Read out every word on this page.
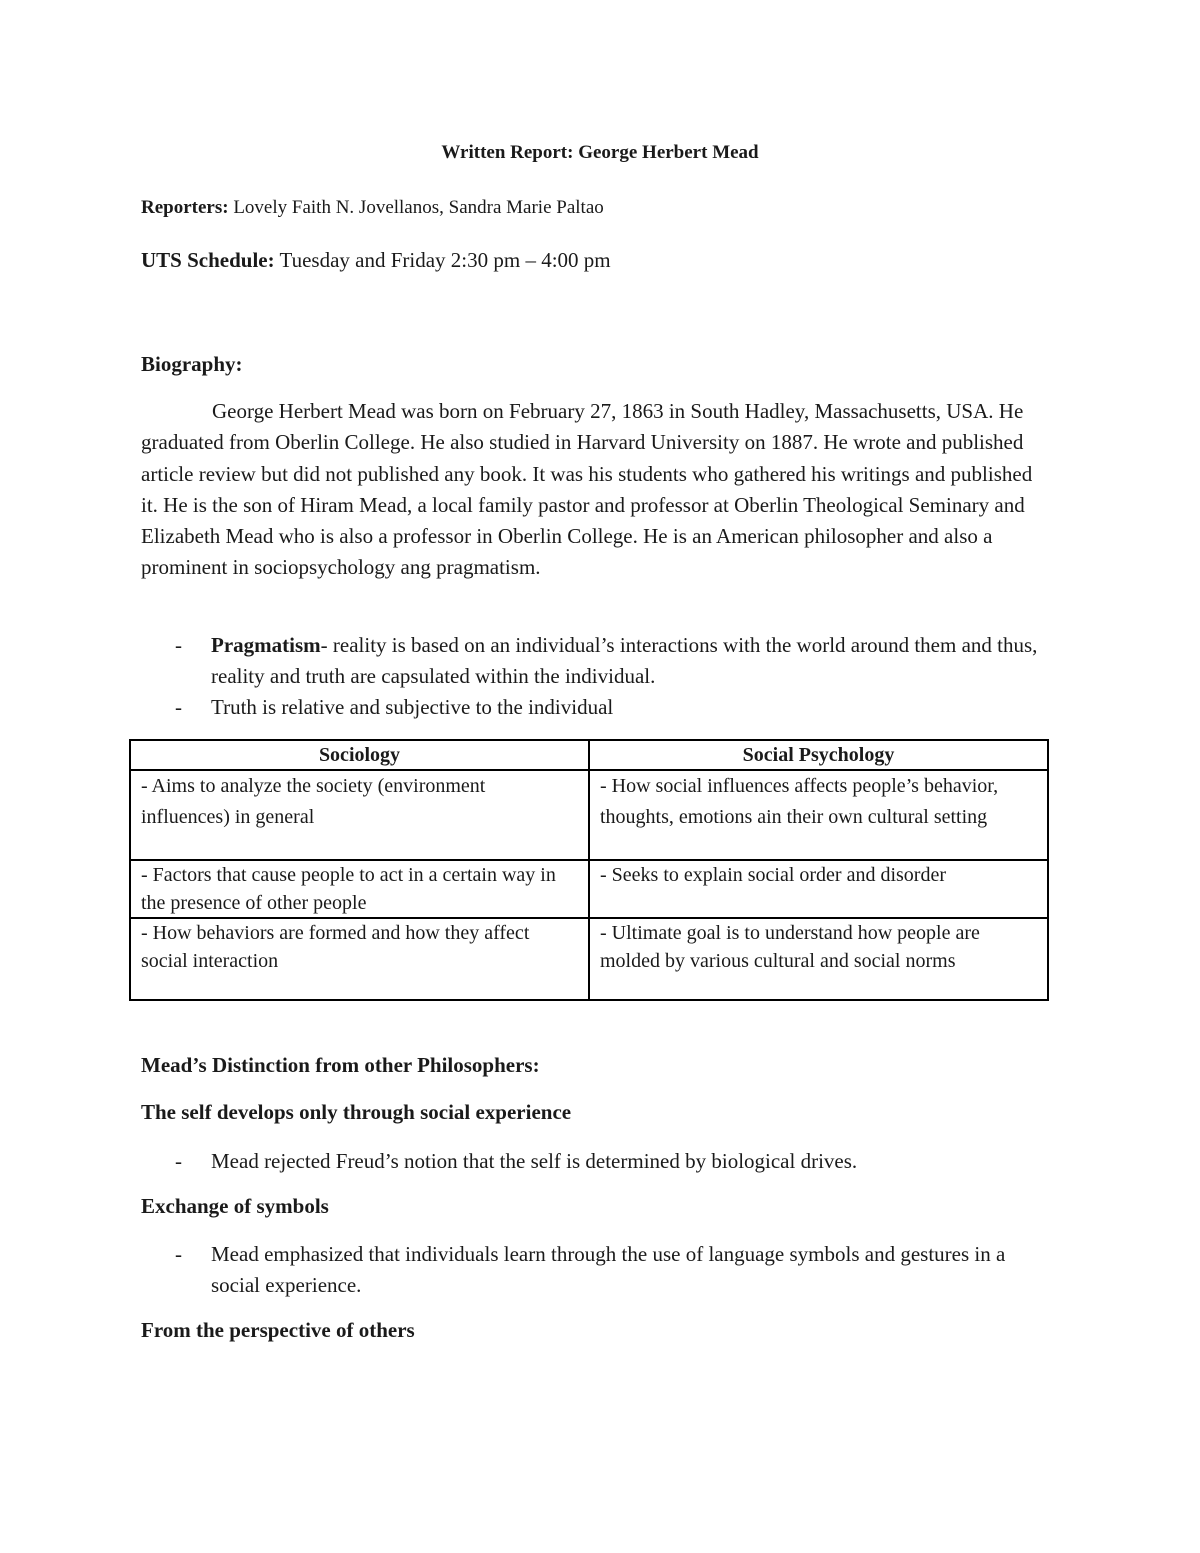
Written Report: George Herbert Mead
Reporters: Lovely Faith N. Jovellanos, Sandra Marie Paltao
UTS Schedule: Tuesday and Friday 2:30 pm – 4:00 pm
Biography:

George Herbert Mead was born on February 27, 1863 in South Hadley, Massachusetts, USA. He graduated from Oberlin College. He also studied in Harvard University on 1887. He wrote and published article review but did not published any book. It was his students who gathered his writings and published it. He is the son of Hiram Mead, a local family pastor and professor at Oberlin Theological Seminary and Elizabeth Mead who is also a professor in Oberlin College. He is an American philosopher and also a prominent in sociopsychology ang pragmatism.

- Pragmatism- reality is based on an individual’s interactions with the world around them and thus, reality and truth are capsulated within the individual.
- Truth is relative and subjective to the individual
Sociology	Social Psychology
- Aims to analyze the society (environment influences) in general	- How social influences affects people’s behavior, thoughts, emotions ain their own cultural setting
- Factors that cause people to act in a certain way in the presence of other people	- Seeks to explain social order and disorder
- How behaviors are formed and how they affect social interaction	- Ultimate goal is to understand how people are molded by various cultural and social norms
Mead’s Distinction from other Philosophers:
The self develops only through social experience
- Mead rejected Freud’s notion that the self is determined by biological drives.
Exchange of symbols
- Mead emphasized that individuals learn through the use of language symbols and gestures in a social experience.
From the perspective of others
